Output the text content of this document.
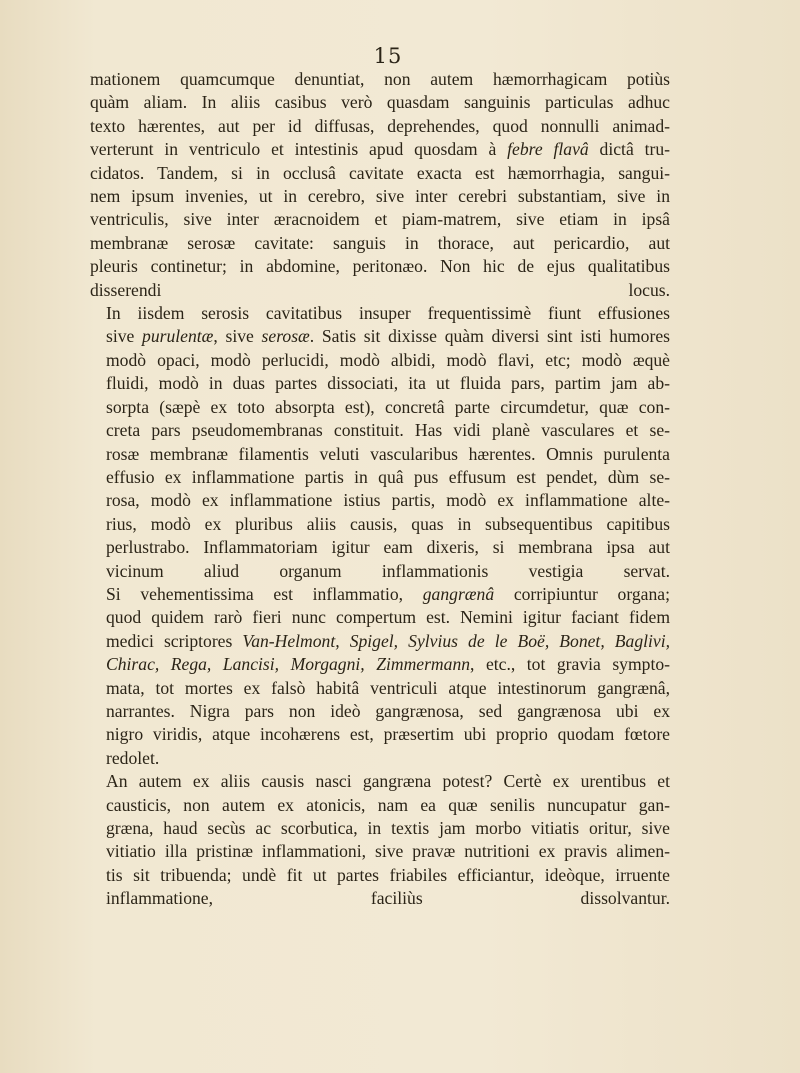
15

mationem quamcumque denuntiat, non autem hæmorrhagicam potiùs
quàm aliam. In aliis casibus verò quasdam sanguinis particulas adhuc
texto hærentes, aut per id diffusas, deprehendes, quod nonnulli animad-
verterunt in ventriculo et intestinis apud quosdam à febre flavâ dictâ tru-
cidatos. Tandem, si in occlusâ cavitate exacta est hæmorrhagia, sangui-
nem ipsum invenies, ut in cerebro, sive inter cerebri substantiam, sive in
ventriculis, sive inter æracnoidem et piam-matrem, sive etiam in ipsâ
membranæ serosæ cavitate: sanguis in thorace, aut pericardio, aut
pleuris continetur; in abdomine, peritonæo. Non hic de ejus qualitatibus
disserendi locus.

In iisdem serosis cavitatibus insuper frequentissimè fiunt effusiones
sive purulentæ, sive serosæ. Satis sit dixisse quàm diversi sint isti humores
modò opaci, modò perlucidi, modò albidi, modò flavi, etc; modò æquè
fluidi, modò in duas partes dissociati, ita ut fluida pars, partim jam ab-
sorpta (sæpè ex toto absorpta est), concretâ parte circumdetur, quæ con-
creta pars pseudomembranas constituit. Has vidi planè vasculares et se-
rosæ membranæ filamentis veluti vascularibus hærentes. Omnis purulenta
effusio ex inflammatione partis in quâ pus effusum est pendet, dùm se-
rosa, modò ex inflammatione istius partis, modò ex inflammatione alte-
rius, modò ex pluribus aliis causis, quas in subsequentibus capitibus
perlustrabo. Inflammatoriam igitur eam dixeris, si membrana ipsa aut
vicinum aliud organum inflammationis vestigia servat.

Si vehementissima est inflammatio, gangrænâ corripiuntur organa;
quod quidem rarò fieri nunc compertum est. Nemini igitur faciant fidem
medici scriptores Van-Helmont, Spigel, Sylvius de le Boë, Bonet, Baglivi,
Chirac, Rega, Lancisi, Morgagni, Zimmermann, etc., tot gravia sympto-
mata, tot mortes ex falsò habitâ ventriculi atque intestinorum gangrænâ,
narrantes. Nigra pars non ideò gangrænosa, sed gangrænosa ubi ex
nigro viridis, atque incohærens est, præsertim ubi proprio quodam fœtore
redolet.

An autem ex aliis causis nasci gangræna potest? Certè ex urentibus et
causticis, non autem ex atonicis, nam ea quæ senilis nuncupatur gan-
græna, haud secùs ac scorbutica, in textis jam morbo vitiatis oritur, sive
vitiatio illa pristinæ inflammationi, sive pravæ nutritioni ex pravis alimen-
tis sit tribuenda; undè fit ut partes friabiles efficiantur, ideòque, irruente
inflammatione, faciliùs dissolvantur.
